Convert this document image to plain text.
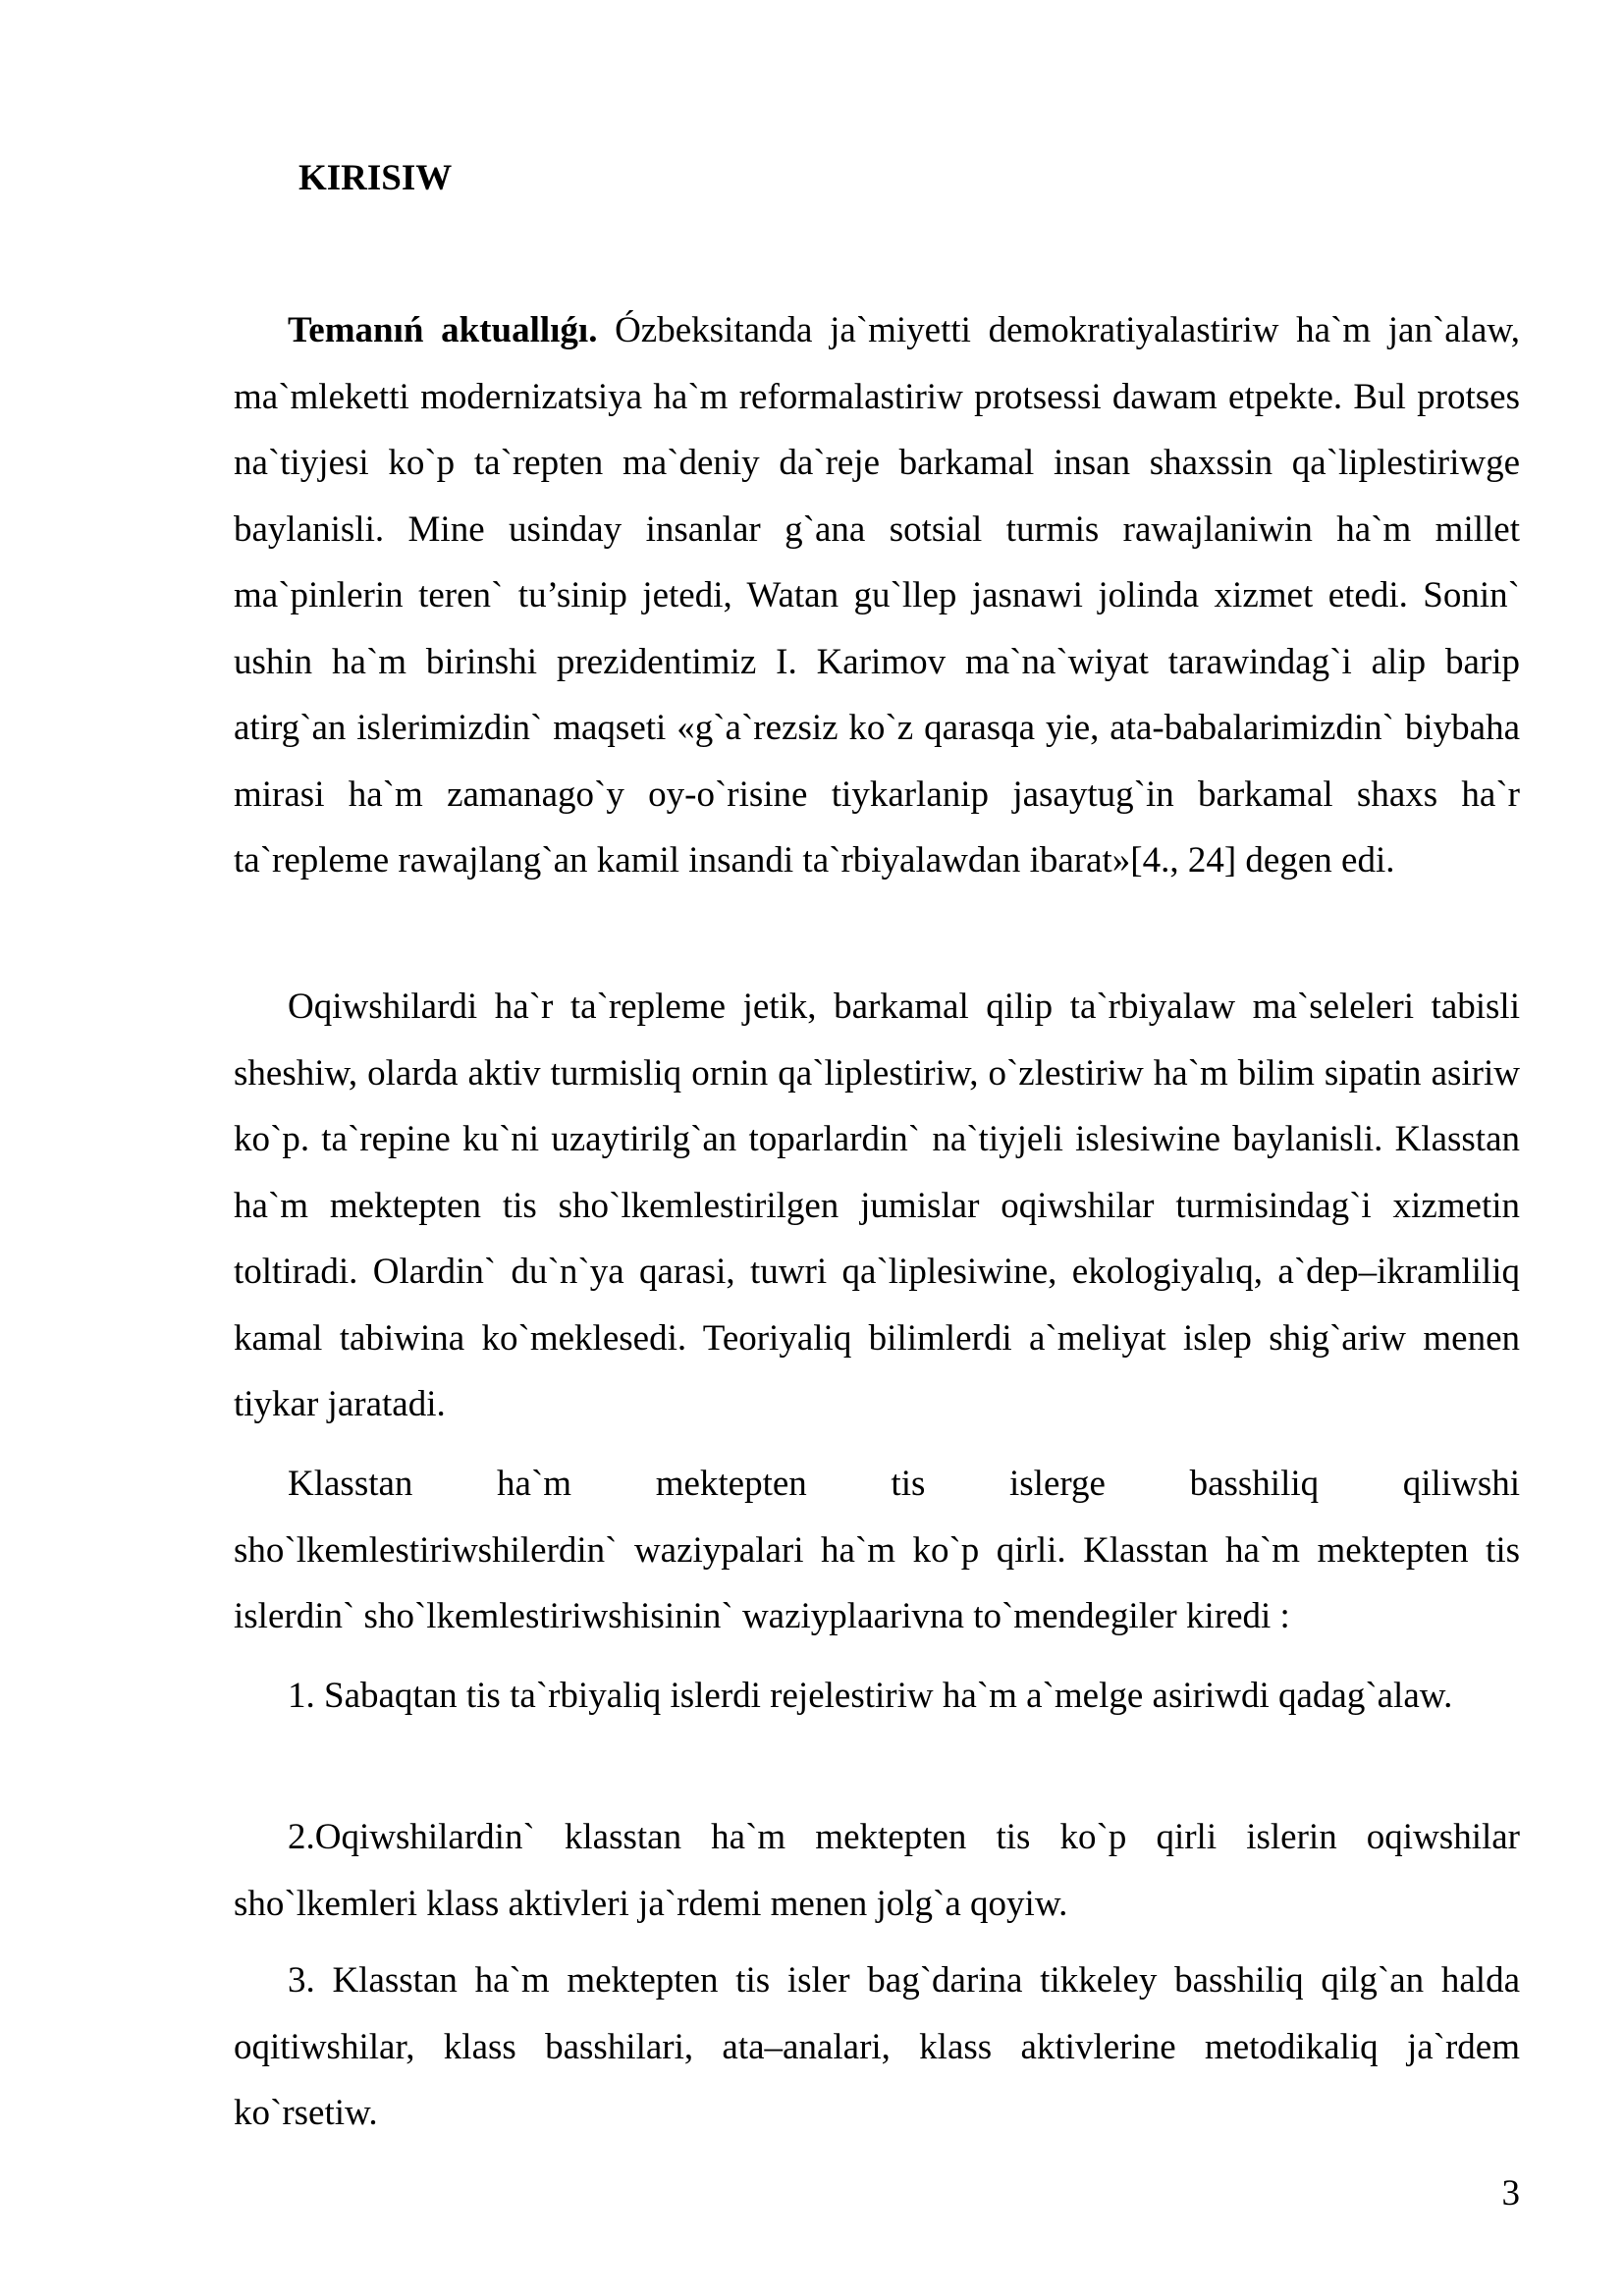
KIRISIW

Temanıń aktuallıǵı. Ózbeksitanda ja`miyetti demokratiyalastiriw ha`m jan`alaw, ma`mleketti modernizatsiya ha`m reformalastiriw protsessi dawam etpekte. Bul protses na`tiyjesi ko`p ta`repten ma`deniy da`reje barkamal insan shaxssin qa`liplestiriwge baylanisli. Mine usinday insanlar g`ana sotsial turmis rawajlaniwin ha`m millet ma`pinlerin teren` tu’sinip jetedi, Watan gu`llep jasnawi jolinda xizmet etedi. Sonin` ushin ha`m birinshi prezidentimiz I. Karimov ma`na`wiyat tarawindag`i alip barip atirg`an islerimizdin` maqseti «g`a`rezsiz ko`z qarasqa yie, ata-babalarimizdin` biybaha mirasi ha`m zamanago`y oy-o`risine tiykarlanip jasaytug`in barkamal shaxs ha`r ta`repleme rawajlang`an kamil insandi ta`rbiyalawdan ibarat»[4., 24] degen edi.

Oqiwshilardi ha`r ta`repleme jetik, barkamal qilip ta`rbiyalaw ma`seleleri tabisli sheshiw, olarda aktiv turmisliq ornin qa`liplestiriw, o`zlestiriw ha`m bilim sipatin asiriw ko`p. ta`repine ku`ni uzaytirilg`an toparlardin` na`tiyjeli islesiwine baylanisli. Klasstan ha`m mektepten tis sho`lkemlestirilgen jumislar oqiwshilar turmisindag`i xizmetin toltiradi. Olardin` du`n`ya qarasi, tuwri qa`liplesiwine, ekologiyalıq, a`dep–ikramliliq kamal tabiwina ko`meklesedi. Teoriyaliq bilimlerdi a`meliyat islep shig`ariw menen tiykar jaratadi.

Klasstan ha`m mektepten tis islerge basshiliq qiliwshi
sho`lkemlestiriwshilerdin` waziypalari ha`m ko`p qirli. Klasstan ha`m mektepten tis islerdin` sho`lkemlestiriwshisinin` waziyplaarivna to`mendegiler kiredi :

1. Sabaqtan tis ta`rbiyaliq islerdi rejelestiriw ha`m a`melge asiriwdi qadag`alaw.

2.Oqiwshilardin` klasstan ha`m mektepten tis ko`p qirli islerin oqiwshilar sho`lkemleri klass aktivleri ja`rdemi menen jolg`a qoyiw.

3. Klasstan ha`m mektepten tis isler bag`darina tikkeley basshiliq qilg`an halda oqitiwshilar, klass basshilari, ata–analari, klass aktivlerine metodikaliq ja`rdem ko`rsetiw.

3
